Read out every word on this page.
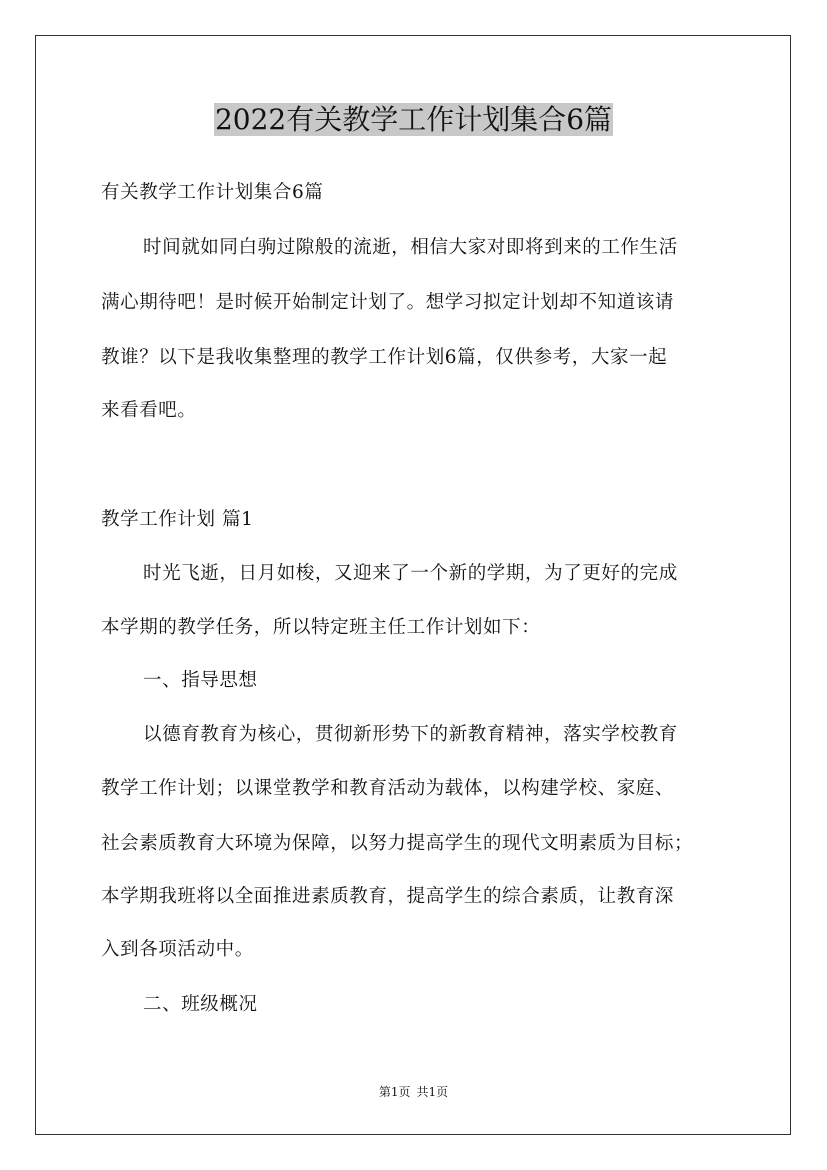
2022有关教学工作计划集合6篇
有关教学工作计划集合6篇
时间就如同白驹过隙般的流逝，相信大家对即将到来的工作生活
满心期待吧！是时候开始制定计划了。想学习拟定计划却不知道该请
教谁？以下是我收集整理的教学工作计划6篇，仅供参考，大家一起
来看看吧。
教学工作计划 篇1
时光飞逝，日月如梭，又迎来了一个新的学期，为了更好的完成
本学期的教学任务，所以特定班主任工作计划如下：
一、指导思想
以德育教育为核心，贯彻新形势下的新教育精神，落实学校教育
教学工作计划；以课堂教学和教育活动为载体，以构建学校、家庭、
社会素质教育大环境为保障，以努力提高学生的现代文明素质为目标；
本学期我班将以全面推进素质教育，提高学生的综合素质，让教育深
入到各项活动中。
二、班级概况
第1页 共1页
